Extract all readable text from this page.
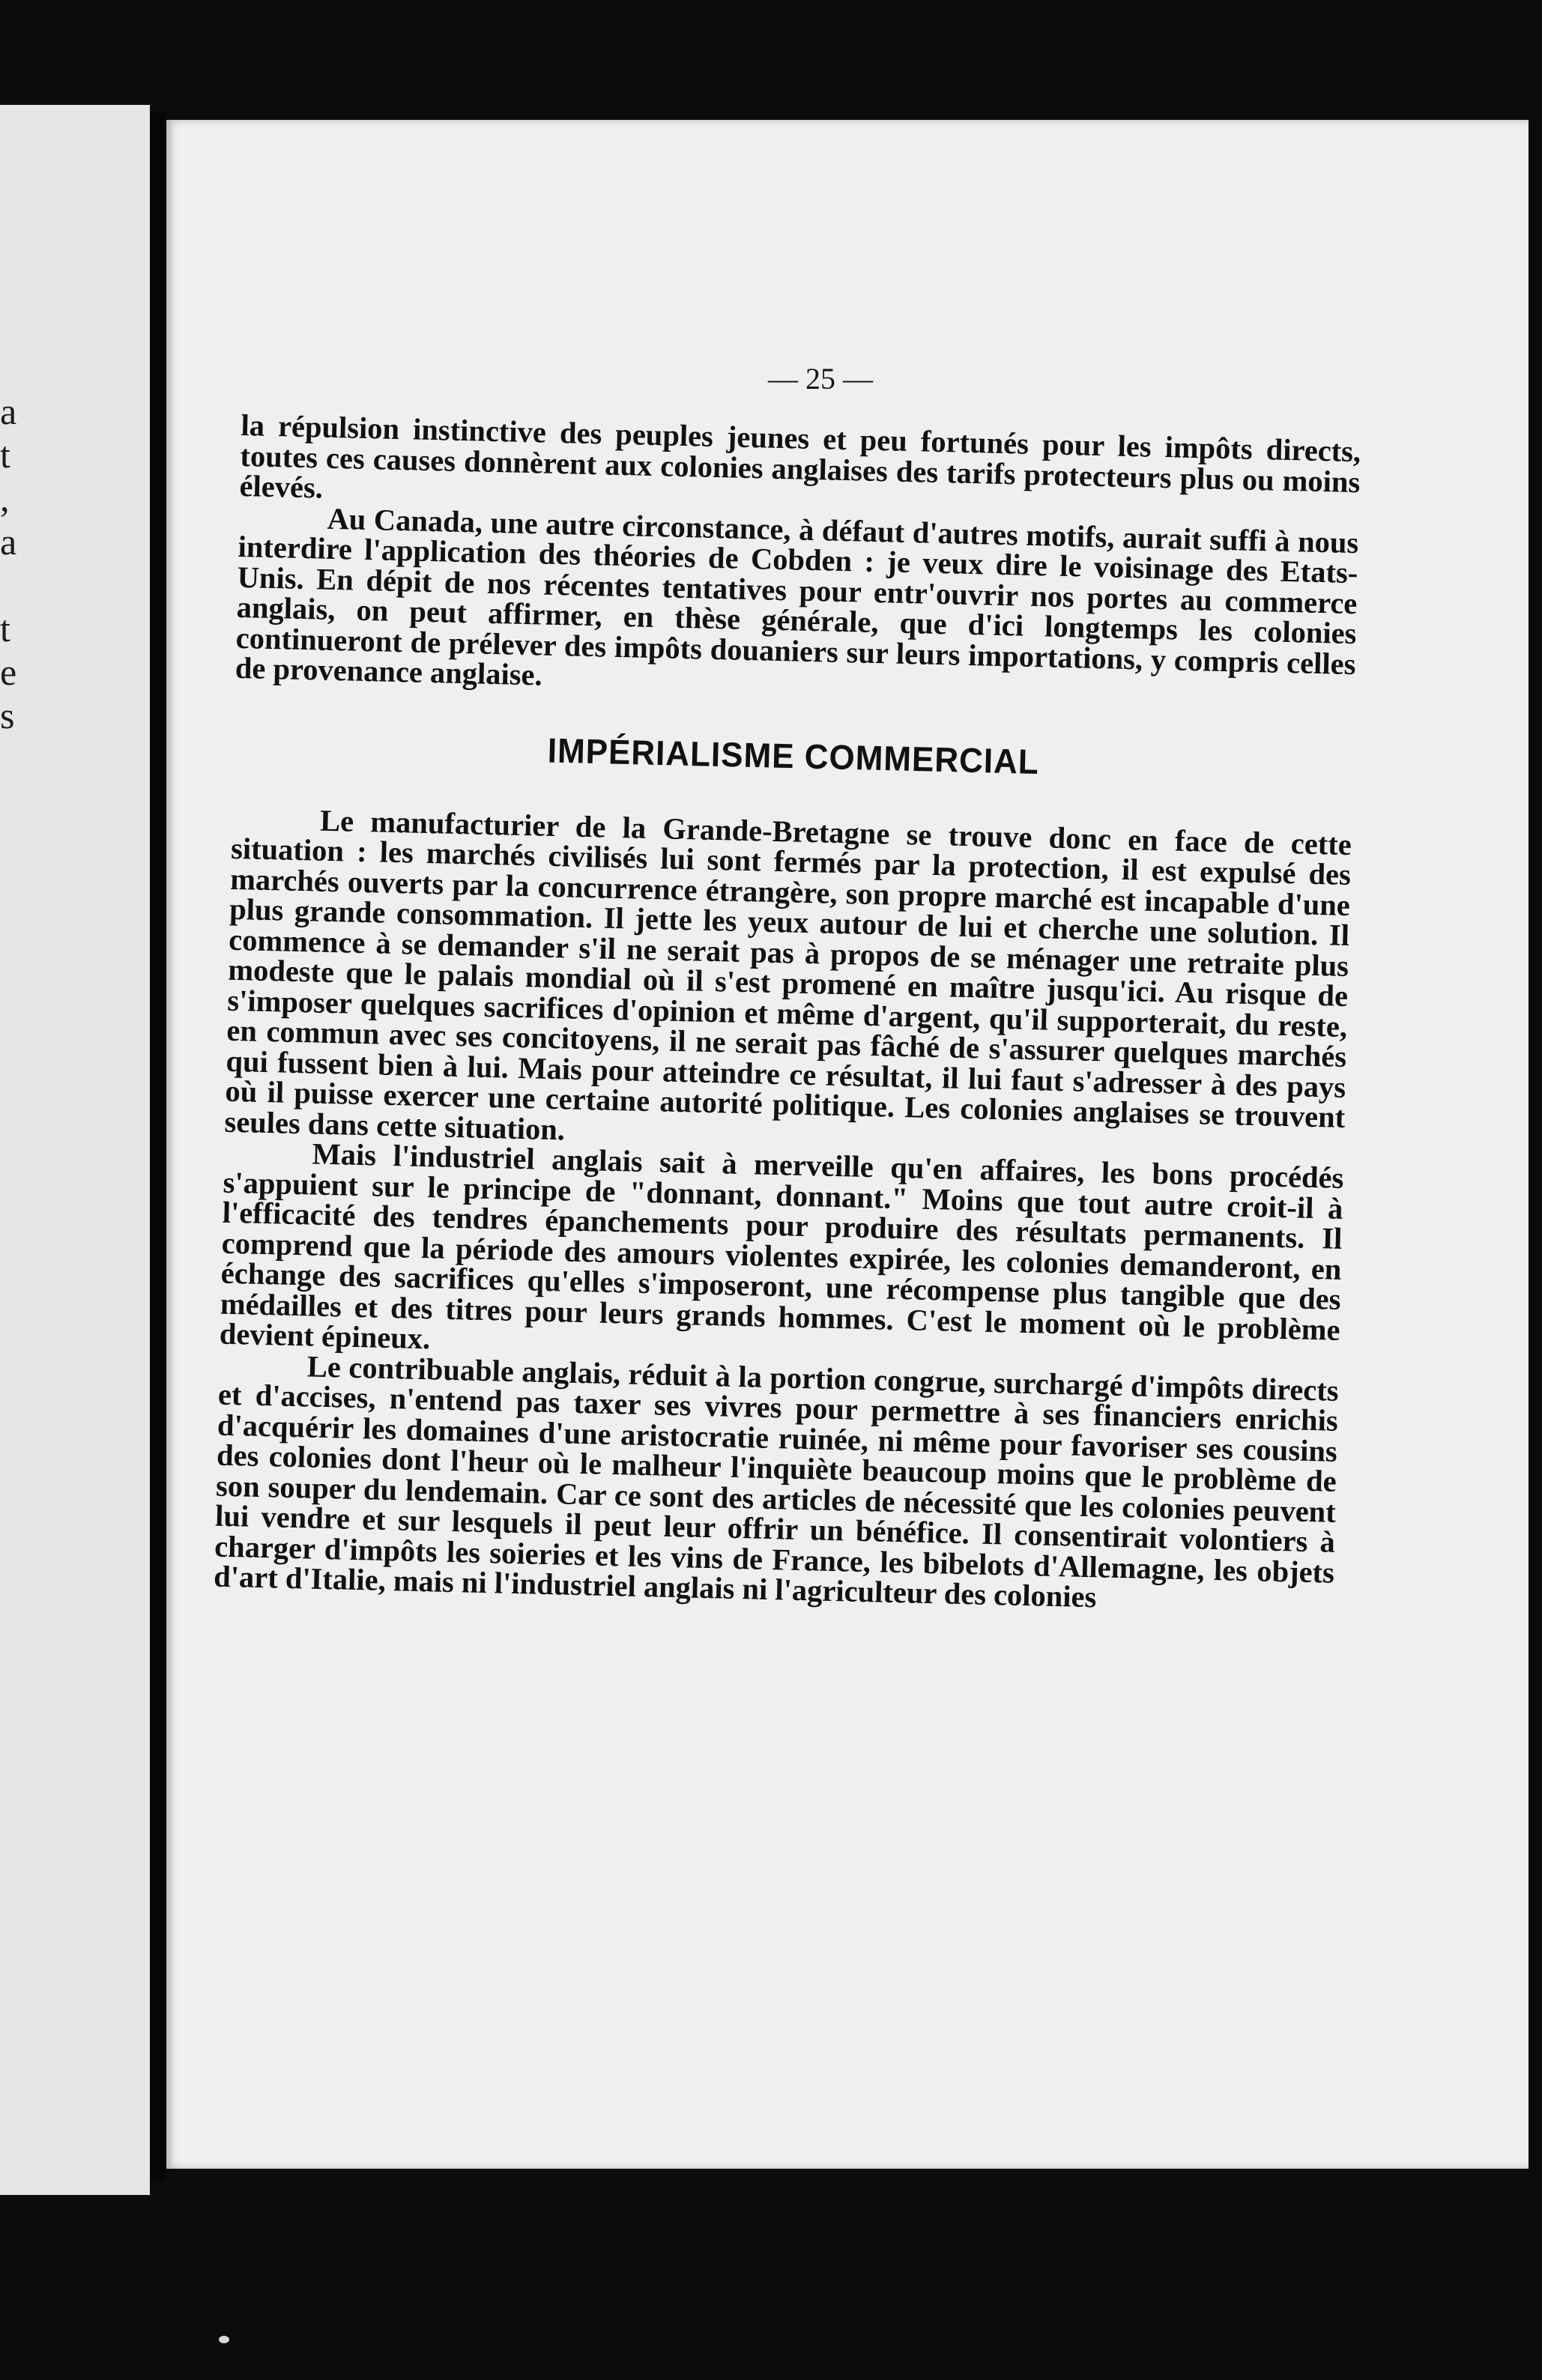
a
t
,
a

t
e
s
— 25 —

la répulsion instinctive des peuples jeunes et peu fortunés pour les impôts directs, toutes ces causes donnèrent aux colonies anglaises des tarifs protecteurs plus ou moins élevés.

Au Canada, une autre circonstance, à défaut d'autres motifs, aurait suffi à nous interdire l'application des théories de Cobden : je veux dire le voisinage des Etats-Unis. En dépit de nos récentes tentatives pour entr'ouvrir nos portes au commerce anglais, on peut affirmer, en thèse générale, que d'ici longtemps les colonies continueront de prélever des impôts douaniers sur leurs importations, y compris celles de provenance anglaise.

IMPÉRIALISME COMMERCIAL

Le manufacturier de la Grande-Bretagne se trouve donc en face de cette situation : les marchés civilisés lui sont fermés par la protection, il est expulsé des marchés ouverts par la concurrence étrangère, son propre marché est incapable d'une plus grande consommation. Il jette les yeux autour de lui et cherche une solution. Il commence à se demander s'il ne serait pas à propos de se ménager une retraite plus modeste que le palais mondial où il s'est promené en maître jusqu'ici. Au risque de s'imposer quelques sacrifices d'opinion et même d'argent, qu'il supporterait, du reste, en commun avec ses concitoyens, il ne serait pas fâché de s'assurer quelques marchés qui fussent bien à lui. Mais pour atteindre ce résultat, il lui faut s'adresser à des pays où il puisse exercer une certaine autorité politique. Les colonies anglaises se trouvent seules dans cette situation.

Mais l'industriel anglais sait à merveille qu'en affaires, les bons procédés s'appuient sur le principe de "donnant, donnant." Moins que tout autre croit-il à l'efficacité des tendres épanchements pour produire des résultats permanents. Il comprend que la période des amours violentes expirée, les colonies demanderont, en échange des sacrifices qu'elles s'imposeront, une récompense plus tangible que des médailles et des titres pour leurs grands hommes. C'est le moment où le problème devient épineux.

Le contribuable anglais, réduit à la portion congrue, surchargé d'impôts directs et d'accises, n'entend pas taxer ses vivres pour permettre à ses financiers enrichis d'acquérir les domaines d'une aristocratie ruinée, ni même pour favoriser ses cousins des colonies dont l'heur où le malheur l'inquiète beaucoup moins que le problème de son souper du lendemain. Car ce sont des articles de nécessité que les colonies peuvent lui vendre et sur lesquels il peut leur offrir un bénéfice. Il consentirait volontiers à charger d'impôts les soieries et les vins de France, les bibelots d'Allemagne, les objets d'art d'Italie, mais ni l'industriel anglais ni l'agriculteur des colonies
